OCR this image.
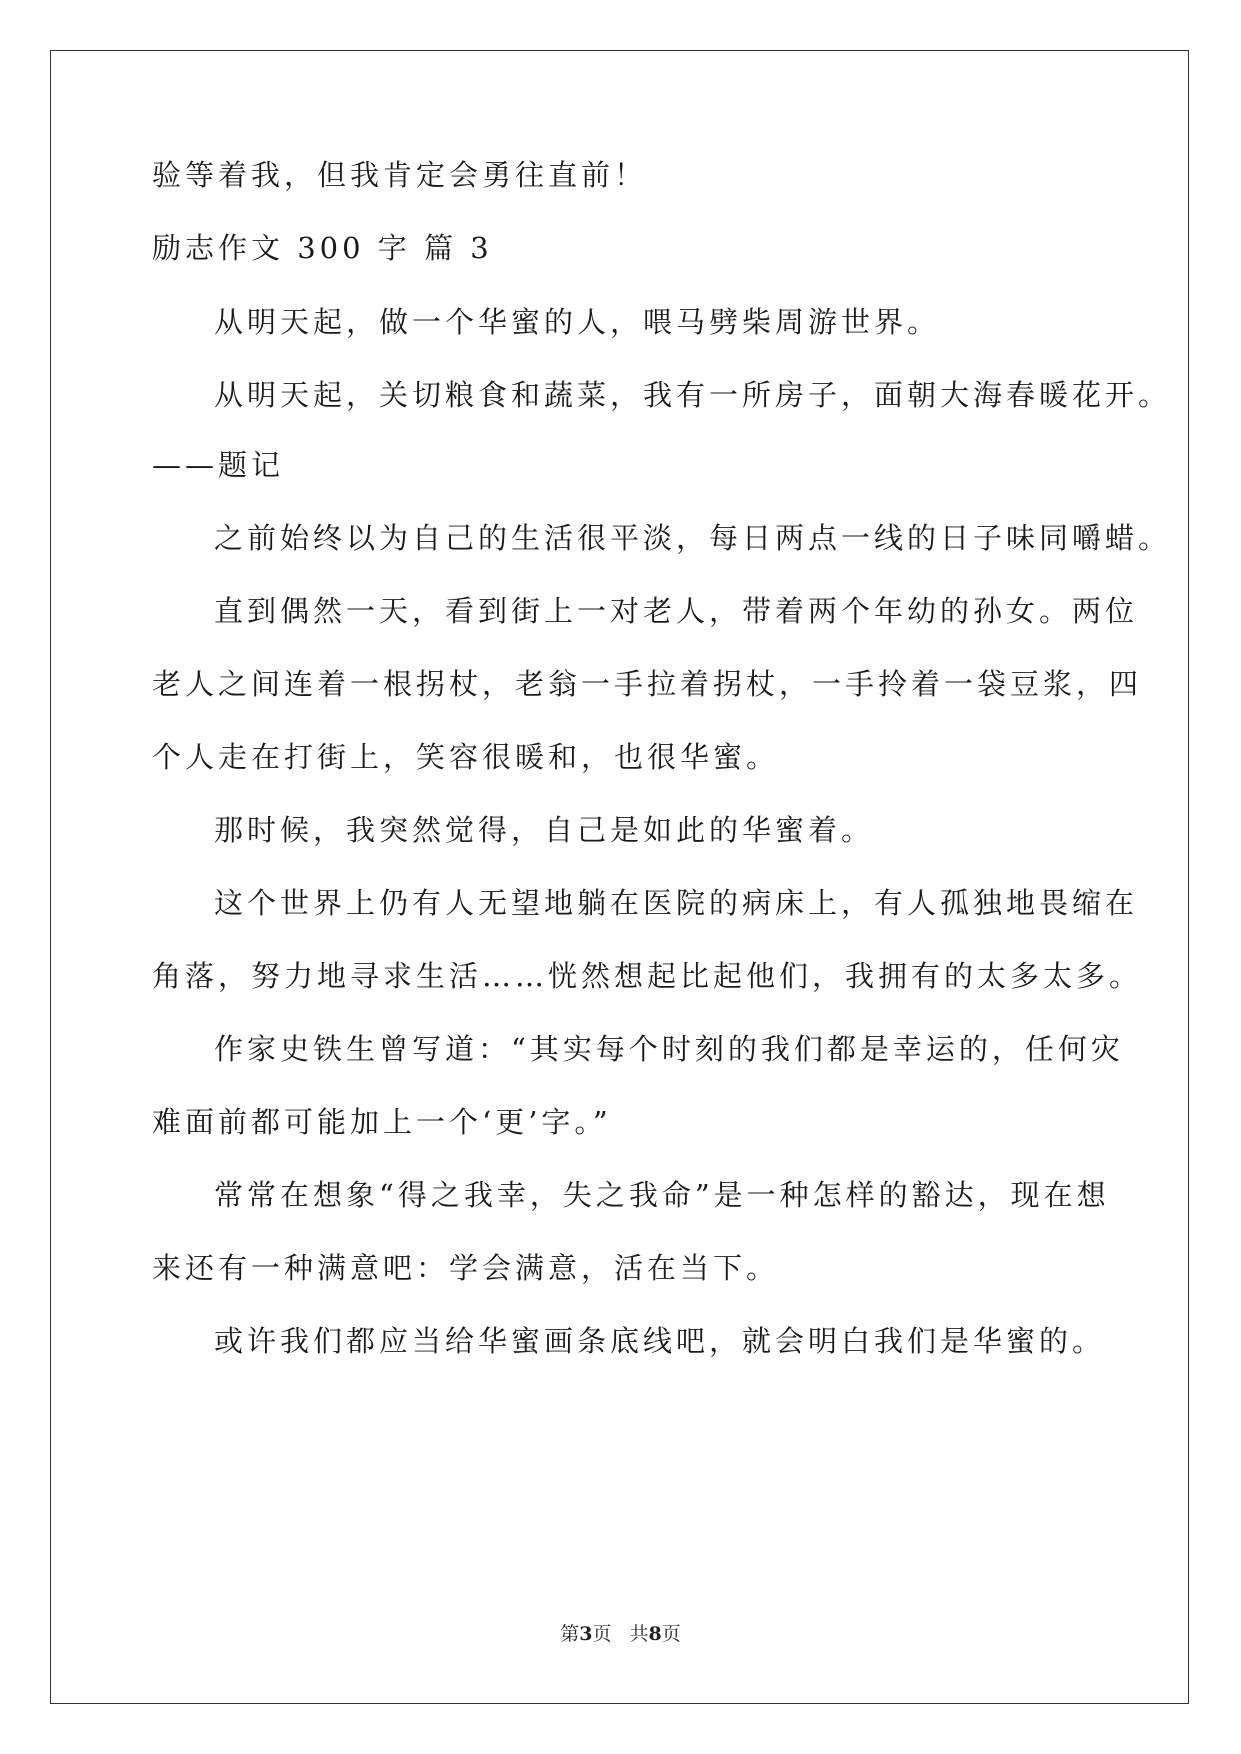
验等着我，但我肯定会勇往直前！
励志作文 300 字 篇 3
从明天起，做一个华蜜的人，喂马劈柴周游世界。
从明天起，关切粮食和蔬菜，我有一所房子，面朝大海春暖花开。
——题记
之前始终以为自己的生活很平淡，每日两点一线的日子味同嚼蜡。
直到偶然一天，看到街上一对老人，带着两个年幼的孙女。两位
老人之间连着一根拐杖，老翁一手拉着拐杖，一手拎着一袋豆浆，四
个人走在打街上，笑容很暖和，也很华蜜。
那时候，我突然觉得，自己是如此的华蜜着。
这个世界上仍有人无望地躺在医院的病床上，有人孤独地畏缩在
角落，努力地寻求生活……恍然想起比起他们，我拥有的太多太多。
作家史铁生曾写道：“其实每个时刻的我们都是幸运的，任何灾
难面前都可能加上一个‘更’字。”
常常在想象“得之我幸，失之我命”是一种怎样的豁达，现在想
来还有一种满意吧：学会满意，活在当下。
或许我们都应当给华蜜画条底线吧，就会明白我们是华蜜的。
第3页 共8页
